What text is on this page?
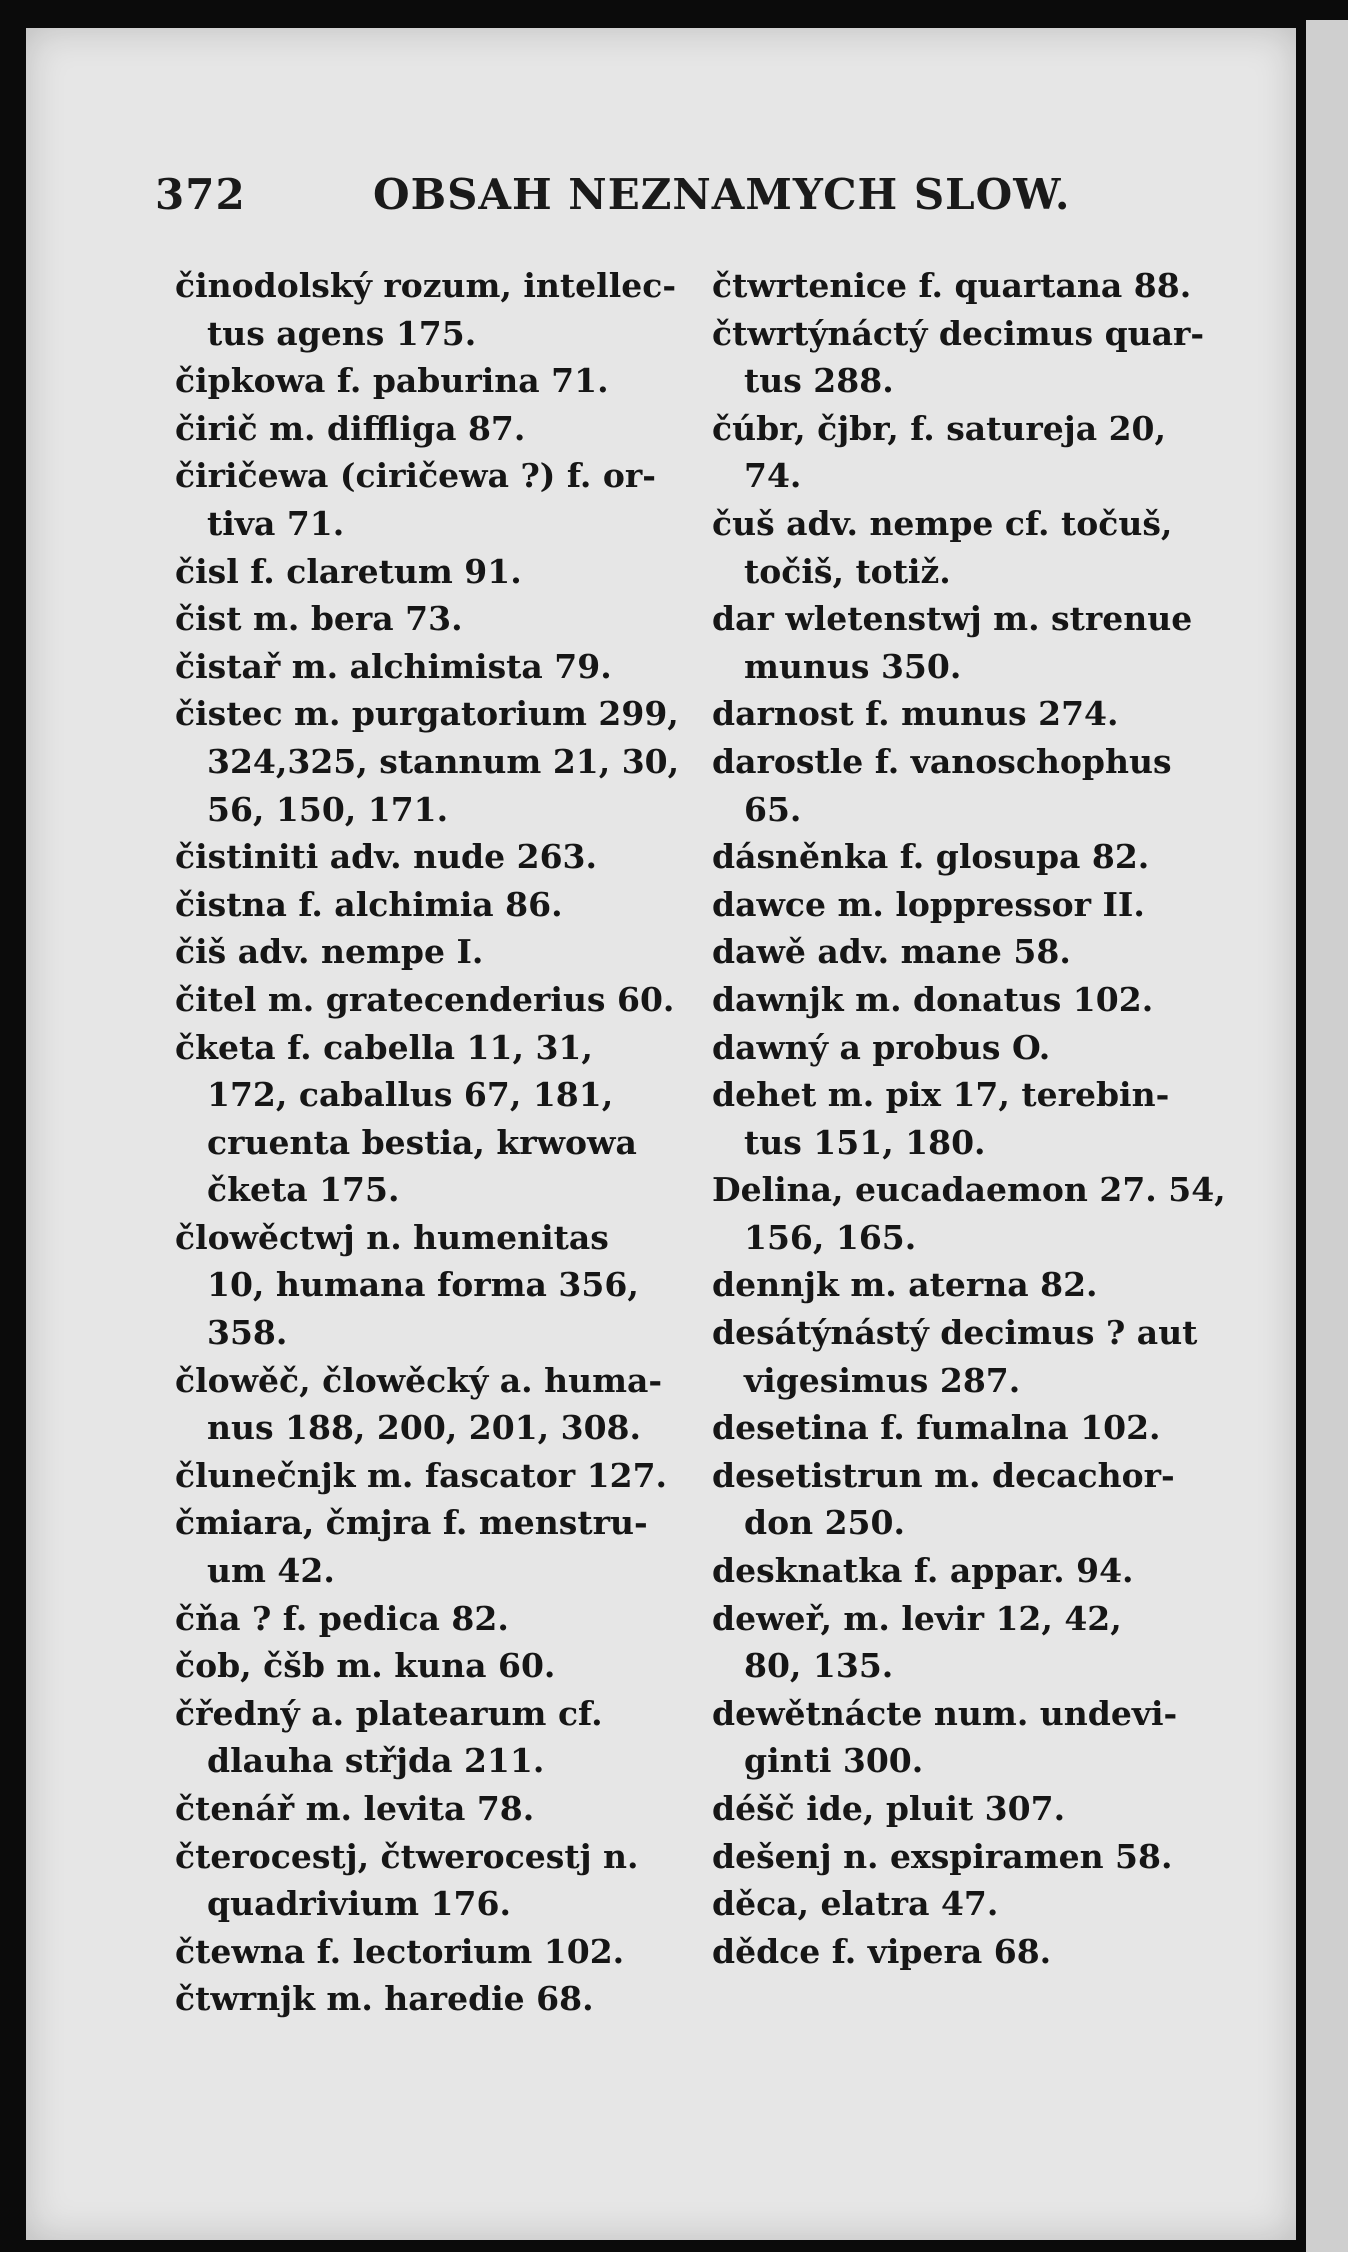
372	OBSAH NEZNAMYCH SLOW.
činodolský rozum, intellec-
tus agens 175.
čipkowa f. paburina 71.
čirič m. diffliga 87.
čiričewa (ciričewa ?) f. or-
tiva 71.
čisl f. claretum 91.
čist m. bera 73.
čistař m. alchimista 79.
čistec m. purgatorium 299,
324,325, stannum 21, 30,
56, 150, 171.
čistiniti adv. nude 263.
čistna f. alchimia 86.
čiš adv. nempe I.
čitel m. gratecenderius 60.
čketa f. cabella 11, 31,
172, caballus 67, 181,
cruenta bestia, krwowa
čketa 175.
člowěctwj n. humenitas
10, humana forma 356,
358.
člowěč, člowěcký a. huma-
nus 188, 200, 201, 308.
člunečnjk m. fascator 127.
čmiara, čmjra f. menstru-
um 42.
čňa ? f. pedica 82.
čob, čšb m. kuna 60.
čředný a. platearum cf.
dlauha střjda 211.
čtenář m. levita 78.
čterocestj, čtwerocestj n.
quadrivium 176.
čtewna f. lectorium 102.
čtwrnjk m. haredie 68.
čtwrtenice f. quartana 88.
čtwrtýnáctý decimus quar-
tus 288.
čúbr, čjbr, f. satureja 20,
74.
čuš adv. nempe cf. točuš,
točiš, totiž.
dar wletenstwj m. strenue
munus 350.
darnost f. munus 274.
darostle f. vanoschophus
65.
dásněnka f. glosupa 82.
dawce m. loppressor II.
dawě adv. mane 58.
dawnjk m. donatus 102.
dawný a probus O.
dehet m. pix 17, terebin-
tus 151, 180.
Delina, eucadaemon 27. 54,
156, 165.
dennjk m. aterna 82.
desátýnástý decimus ? aut
vigesimus 287.
desetina f. fumalna 102.
desetistrun m. decachor-
don 250.
desknatka f. appar. 94.
deweř, m. levir 12, 42,
80, 135.
dewětnácte num. undevi-
ginti 300.
déšč ide, pluit 307.
dešenj n. exspiramen 58.
děca, elatra 47.
dědce f. vipera 68.
